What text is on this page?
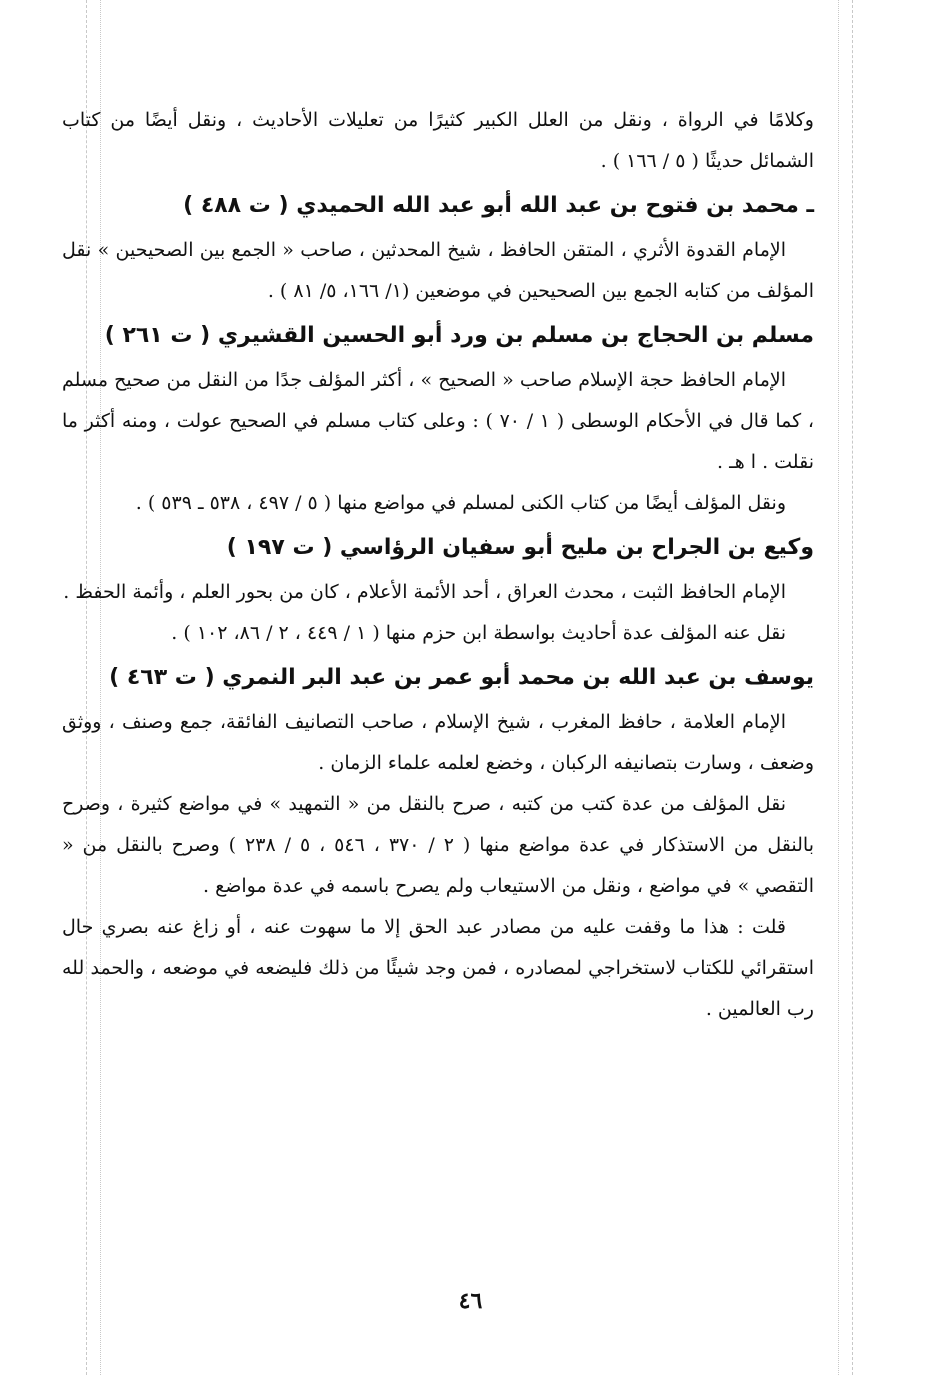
وكلامًا في الرواة ، ونقل من العلل الكبير كثيرًا من تعليلات الأحاديث ، ونقل أيضًا من كتاب الشمائل حديثًا ( ٥ / ١٦٦ ) .

ـ محمد بن فتوح بن عبد الله أبو عبد الله الحميدي ( ت ٤٨٨ )

الإمام القدوة الأثري ، المتقن الحافظ ، شيخ المحدثين ، صاحب « الجمع بين الصحيحين » نقل المؤلف من كتابه الجمع بين الصحيحين في موضعين (١/ ١٦٦، ٥/ ٨١ ) .

مسلم بن الحجاج بن مسلم بن ورد أبو الحسين القشيري ( ت ٢٦١ )

الإمام الحافظ حجة الإسلام صاحب « الصحيح » ، أكثر المؤلف جدًا من النقل من صحيح مسلم ، كما قال في الأحكام الوسطى ( ١ / ٧٠ ) : وعلى كتاب مسلم في الصحيح عولت ، ومنه أكثر ما نقلت . ا هـ .

ونقل المؤلف أيضًا من كتاب الكنى لمسلم في مواضع منها ( ٥ / ٤٩٧ ، ٥٣٨ ـ ٥٣٩ ) .

وكيع بن الجراح بن مليح أبو سفيان الرؤاسي ( ت ١٩٧ )

الإمام الحافظ الثبت ، محدث العراق ، أحد الأئمة الأعلام ، كان من بحور العلم ، وأئمة الحفظ .

نقل عنه المؤلف عدة أحاديث بواسطة ابن حزم منها ( ١ / ٤٤٩ ، ٢ / ٨٦، ١٠٢ ) .

يوسف بن عبد الله بن محمد أبو عمر بن عبد البر النمري ( ت ٤٦٣ )

الإمام العلامة ، حافظ المغرب ، شيخ الإسلام ، صاحب التصانيف الفائقة، جمع وصنف ، ووثق وضعف ، وسارت بتصانيفه الركبان ، وخضع لعلمه علماء الزمان .

نقل المؤلف من عدة كتب من كتبه ، صرح بالنقل من « التمهيد » في مواضع كثيرة ، وصرح بالنقل من الاستذكار في عدة مواضع منها ( ٢ / ٣٧٠ ، ٥٤٦ ، ٥ / ٢٣٨ ) وصرح بالنقل من « التقصي » في مواضع ، ونقل من الاستيعاب ولم يصرح باسمه في عدة مواضع .

قلت : هذا ما وقفت عليه من مصادر عبد الحق إلا ما سهوت عنه ، أو زاغ عنه بصري حال استقرائي للكتاب لاستخراجي لمصادره ، فمن وجد شيئًا من ذلك فليضعه في موضعه ، والحمد لله رب العالمين .

٤٦
